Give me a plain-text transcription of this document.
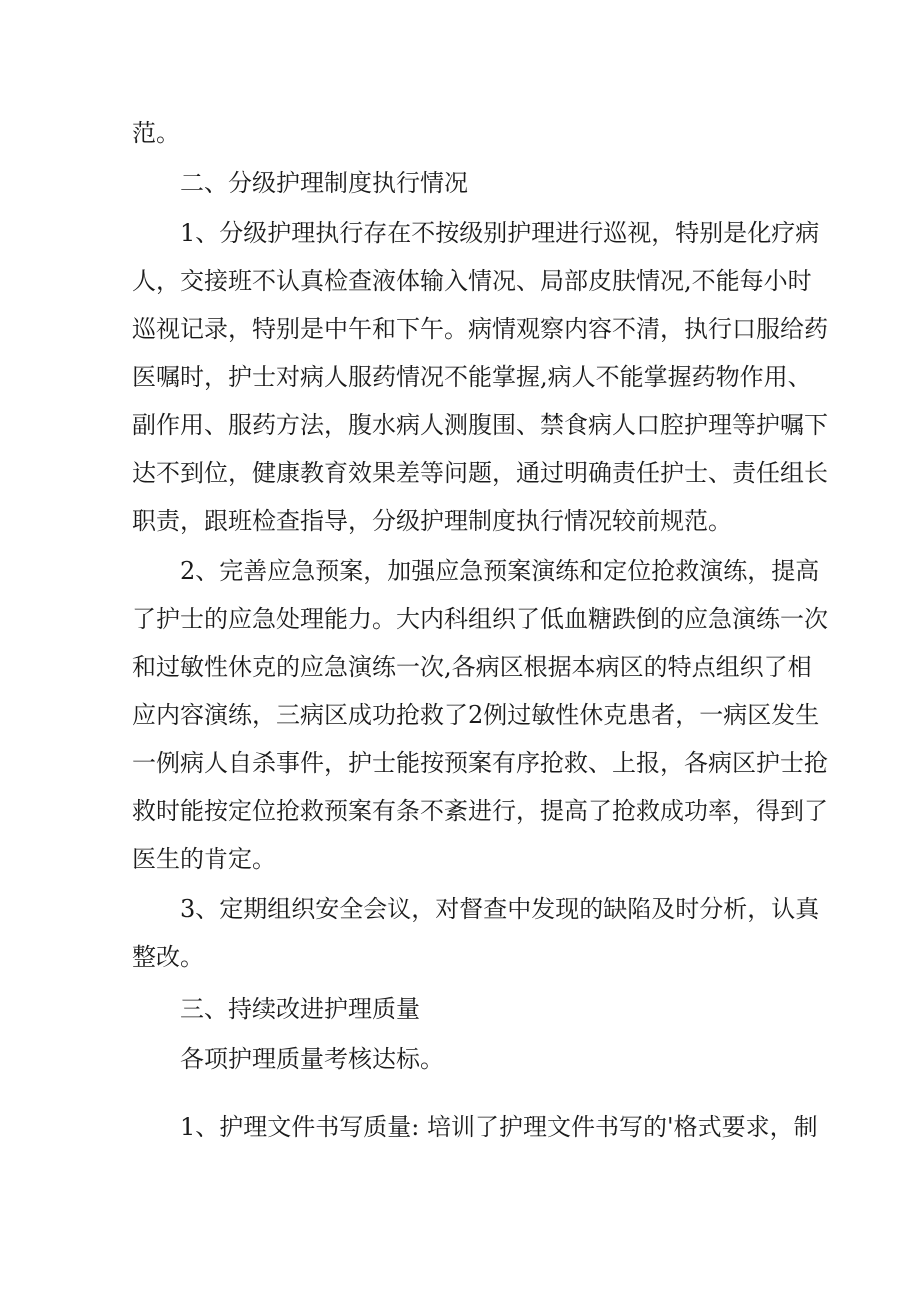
范。
二、分级护理制度执行情况
1、分级护理执行存在不按级别护理进行巡视，特别是化疗病
人，交接班不认真检查液体输入情况、局部皮肤情况,不能每小时
巡视记录，特别是中午和下午。病情观察内容不清，执行口服给药
医嘱时，护士对病人服药情况不能掌握,病人不能掌握药物作用、
副作用、服药方法，腹水病人测腹围、禁食病人口腔护理等护嘱下
达不到位，健康教育效果差等问题，通过明确责任护士、责任组长
职责，跟班检查指导，分级护理制度执行情况较前规范。
2、完善应急预案，加强应急预案演练和定位抢救演练，提高
了护士的应急处理能力。大内科组织了低血糖跌倒的应急演练一次
和过敏性休克的应急演练一次,各病区根据本病区的特点组织了相
应内容演练，三病区成功抢救了2例过敏性休克患者，一病区发生
一例病人自杀事件，护士能按预案有序抢救、上报，各病区护士抢
救时能按定位抢救预案有条不紊进行，提高了抢救成功率，得到了
医生的肯定。
3、定期组织安全会议，对督查中发现的缺陷及时分析，认真
整改。
三、持续改进护理质量
各项护理质量考核达标。
1、护理文件书写质量: 培训了护理文件书写的'格式要求，制
